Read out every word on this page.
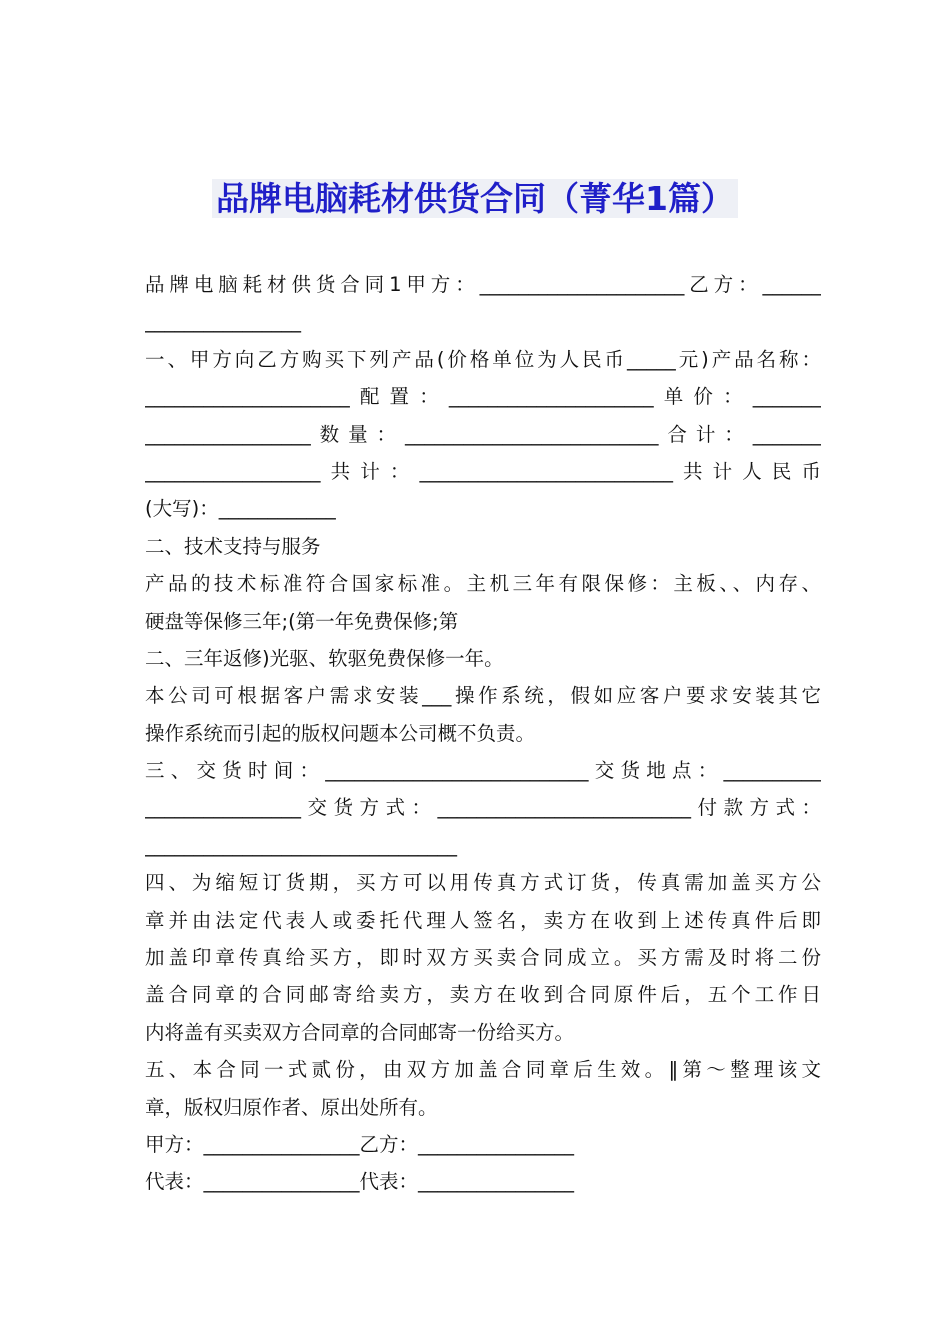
品牌电脑耗材供货合同（菁华1篇）
品牌电脑耗材供货合同1甲方：_____________________乙方：______
________________
一、甲方向乙方购买下列产品(价格单位为人民币_____元)产品名称：
_____________________配置：_____________________单价：_______
_________________数量：__________________________合计：_______
__________________共计：__________________________共计人民币
(大写)：____________
二、技术支持与服务
产品的技术标准符合国家标准。主机三年有限保修：主板、、内存、
硬盘等保修三年;(第一年免费保修;第
二、三年返修)光驱、软驱免费保修一年。
本公司可根据客户需求安装___操作系统，假如应客户要求安装其它
操作系统而引起的版权问题本公司概不负责。
三、交货时间：___________________________交货地点：__________
________________交货方式：__________________________付款方式：
________________________________
四、为缩短订货期，买方可以用传真方式订货，传真需加盖买方公
章并由法定代表人或委托代理人签名，卖方在收到上述传真件后即
加盖印章传真给买方，即时双方买卖合同成立。买方需及时将二份
盖合同章的合同邮寄给卖方，卖方在收到合同原件后，五个工作日
内将盖有买卖双方合同章的合同邮寄一份给买方。
五、本合同一式贰份，由双方加盖合同章后生效。‖第～整理该文
章，版权归原作者、原出处所有。
甲方：________________乙方：________________
代表：________________代表：________________
